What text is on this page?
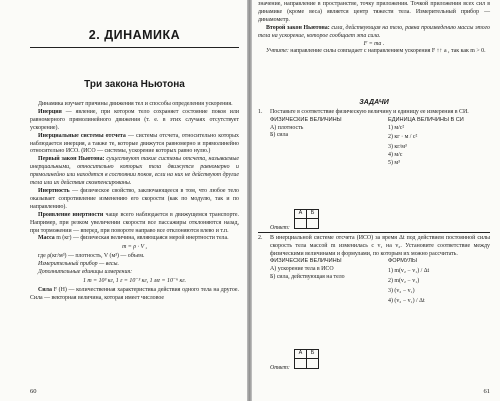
2. ДИНАМИКА
Три закона Ньютона

Динамика изучает причины движения тел и способы определения ускорения.

Инерция — явление, при котором тело сохраняет состояние покоя или равномерного прямолинейного движения (т. е. в этих случаях отсутствует ускорение).

Инерциальные системы отсчета — системы отсчета, относительно которых наблюдается инерция, а также те, которые движутся равномерно и прямолинейно относительно ИСО. (ИСО — системы, ускорение которых равно нулю.)

Первый закон Ньютона: существуют такие системы отсчета, называемые инерциальными, относительно которых тела движутся равномерно и прямолинейно или находятся в состоянии покоя, если на них не действуют другие тела или их действия скомпенсированы.

Инертность — физическое свойство, заключающееся в том, что любое тело оказывает сопротивление изменению его скорости (как по модулю, так и по направлению).

Проявление инертности чаще всего наблюдается в движущемся транспорте. Например, при резком увеличении скорости все пассажиры отклоняются назад, при торможении — вперед, при повороте направо все отклоняются влево и т.п.

Масса m (кг) — физическая величина, являющаяся мерой инертности тела.

m = ρ · V ,

где ρ(кг/м³) — плотность, V (м³) — объем.

Измерительный прибор — весы.

Дополнительные единицы измерения:

1 т = 10³ кг, 1 г = 10⁻³ кг, 1 мг = 10⁻⁶ кг.

Сила F (Н) — количественная характеристика действия одного тела на другое. Сила — векторная величина, которая имеет числовое

60

значение, направление в пространстве, точку приложения. Точкой приложения всех сил в динамике (кроме веса) является центр тяжести тела. Измерительный прибор — динамометр.

Второй закон Ньютона: сила, действующая на тело, равна произведению массы этого тела на ускорение, которое сообщает эта сила.

F = ma .

Учтите: направление силы совпадает с направлением ускорения F ↑↑ a , так как m > 0.

ЗАДАЧИ
1. Поставьте в соответствие физическую величину и единицу ее измерения в СИ.
ФИЗИЧЕСКИЕ ВЕЛИЧИНЫ
А) плотность
Б) сила
ЕДИНИЦА ВЕЛИЧИНЫ В СИ
1) м/с²
2) кг · м / с²
3) кг/м³
4) м/с
5) м³
Ответ:
А	Б

2. В инерциальной системе отсчета (ИСО) за время Δt под действием постоянной силы скорость тела массой m изменилась с v₁ на v₂. Установите соответствие между физическими величинами и формулами, по которым их можно рассчитать.
ФИЗИЧЕСКИЕ ВЕЛИЧИНЫ
А) ускорение тела в ИСО
Б) сила, действующая на тело
ФОРМУЛЫ
1) m(v₂ − v₁) / Δt
2) m(v₂ − v₁)
3) (v₂ − v₁)
4) (v₂ − v₁) / Δt
Ответ:
А	Б

61
